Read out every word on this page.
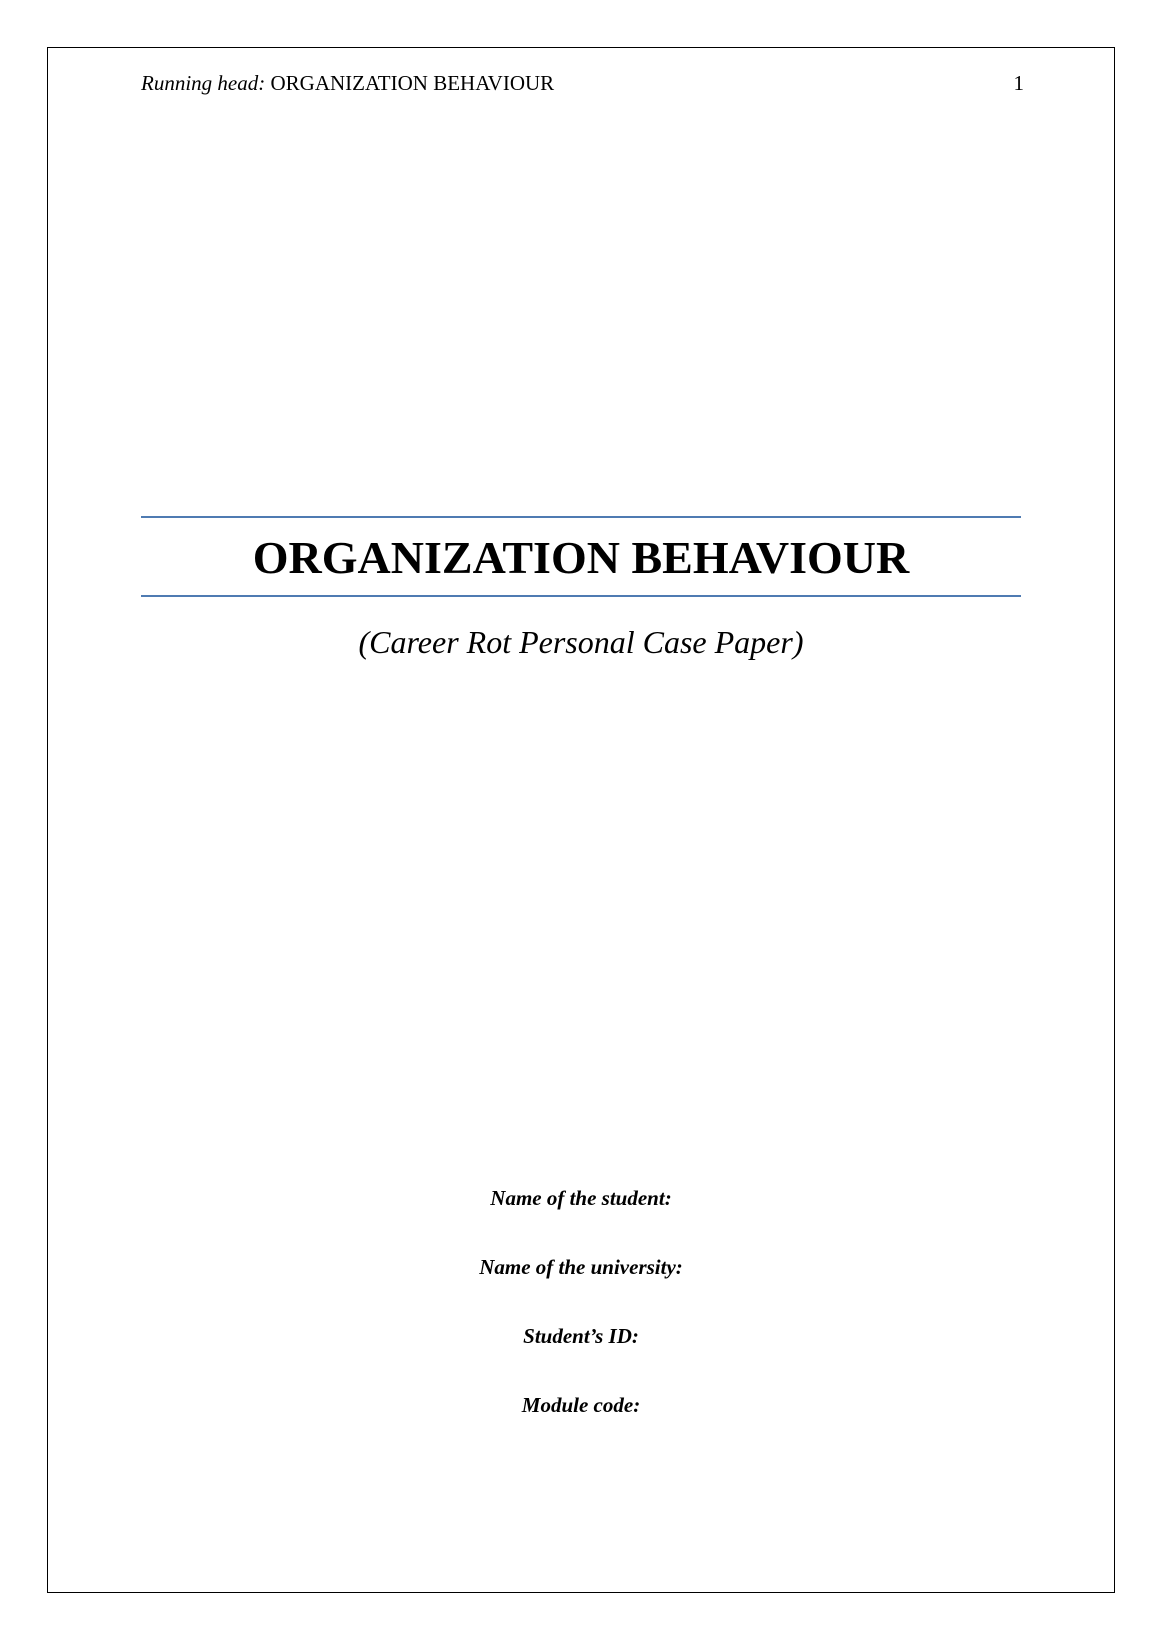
Running head: ORGANIZATION BEHAVIOUR	1
ORGANIZATION BEHAVIOUR
(Career Rot Personal Case Paper)
Name of the student:
Name of the university:
Student’s ID:
Module code:
